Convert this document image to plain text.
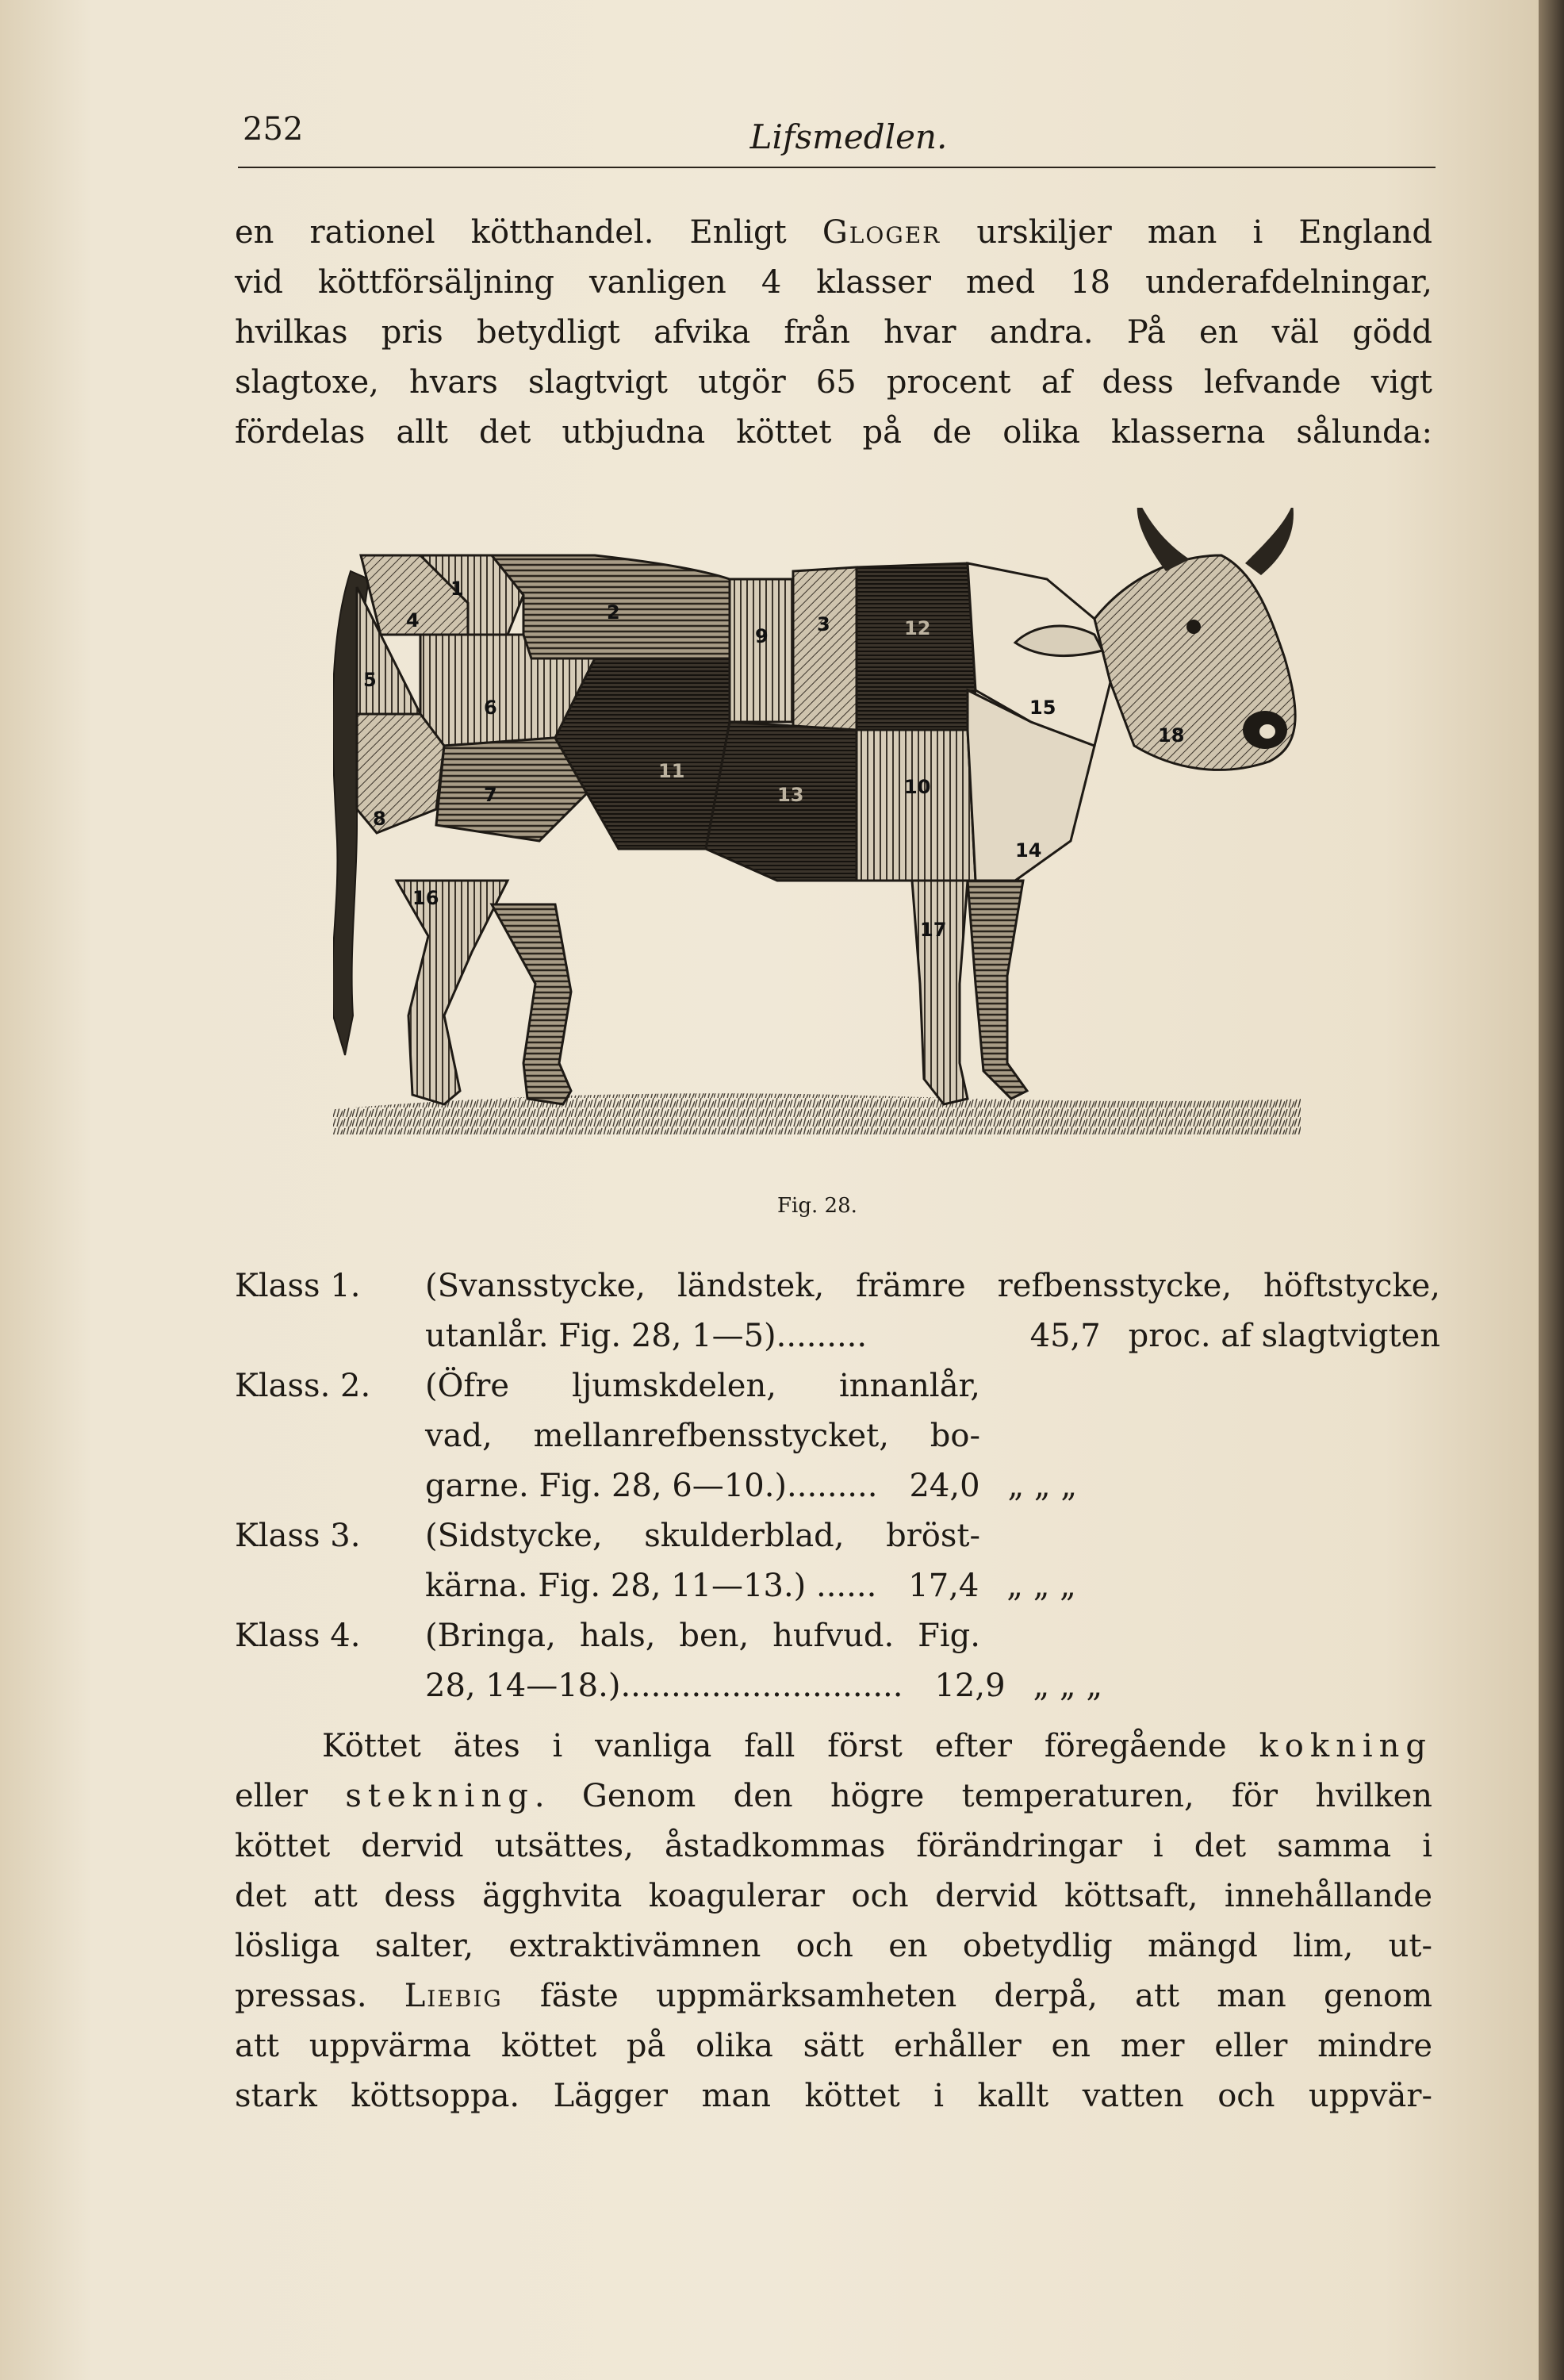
252	Lifsmedlen.
en rationel kötthandel. Enligt Gloger urskiljer man i England
vid köttförsäljning vanligen 4 klasser med 18 underafdelningar,
hvilkas pris betydligt afvika från hvar andra. På en väl gödd
slagtoxe, hvars slagtvigt utgör 65 procent af dess lefvande vigt
fördelas allt det utbjudna köttet på de olika klasserna sålunda:
1
2
3
4
5
6
7
8
9
10
11
12
13
14
15
16
17
18
Fig. 28.
Klass 1.	(Svansstycke, ländstek, främre refbensstycke, höftstycke,
utanlår. Fig. 28, 1—5).........	45,7 proc. af slagtvigten
Klass. 2.	(Öfre ljumskdelen, innanlår,
vad, mellanrefbensstycket, bo-
garne. Fig. 28, 6—10.)......... 24,0 „ „ „
Klass 3.	(Sidstycke, skulderblad, bröst-
kärna. Fig. 28, 11—13.) ...... 17,4 „ „ „
Klass 4.	(Bringa, hals, ben, hufvud. Fig.
28, 14—18.)............................ 12,9 „ „ „
Köttet ätes i vanliga fall först efter föregående kokning
eller stekning. Genom den högre temperaturen, för hvilken
köttet dervid utsättes, åstadkommas förändringar i det samma i
det att dess ägghvita koagulerar och dervid köttsaft, innehållande
lösliga salter, extraktivämnen och en obetydlig mängd lim, ut-
pressas. Liebig fäste uppmärksamheten derpå, att man genom
att uppvärma köttet på olika sätt erhåller en mer eller mindre
stark köttsoppa. Lägger man köttet i kallt vatten och uppvär-
